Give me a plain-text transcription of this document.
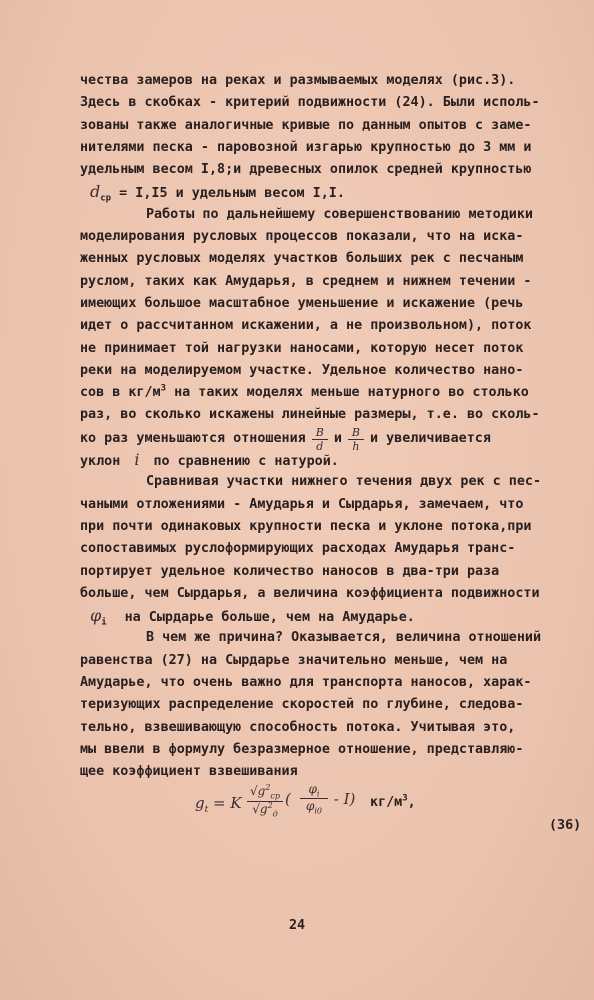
чества замеров на реках и размываемых моделях (рис.3).
Здесь в скобках - критерий подвижности (24). Были исполь-
зованы также аналогичные кривые по данным опытов с заме-
нителями песка - паровозной изгарью крупностью до 3 мм и
удельным весом I,8;и древесных опилок средней крупностью
$d_{ср} = I,I5$ и удельным весом I,I.
Работы по дальнейшему совершенствованию методики
моделирования русловых процессов показали, что на иска-
женных русловых моделях участков больших рек с песчаным
руслом, таких как Амударья, в среднем и нижнем течении -
имеющих большое масштабное уменьшение и искажение (речь
идет о рассчитанном искажении, а не произвольном), поток
не принимает той нагрузки наносами, которую несет поток
реки на моделируемом участке. Удельное количество нано-
сов в $кг/м^3$ на таких моделях меньше натурного во столько
раз, во сколько искажены линейные размеры, т.е. во сколь-
ко раз уменьшаются отношения $\frac{B}{d}$ и $\frac{B}{h}$ и увеличивается
уклон i по сравнению с натурой.
Сравнивая участки нижнего течения двух рек с пес-
чаными отложениями - Амударья и Сырдарья, замечаем, что
при почти одинаковых крупности песка и уклоне потока,при
сопоставимых руслоформирующих расходах Амударья транс-
портирует удельное количество наносов в два-три раза
больше, чем Сырдарья, а величина коэффициента подвижности
$\varphi_i$ на Сырдарье больше, чем на Амударье.
В чем же причина? Оказывается, величина отношений
равенства (27) на Сырдарье значительно меньше, чем на
Амударье, что очень важно для транспорта наносов, харак-
теризующих распределение скоростей по глубине, следова-
тельно, взвешивающую способность потока. Учитывая это,
мы ввели в формулу безразмерное отношение, представляю-
щее коэффициент взвешивания
$g_t = K$
$√g^2_{ср}$
$√g^2_д$
( $\frac{\varphi_i}{\varphi_{i0}} - I$) $кг/м^3$,
(36)
24
